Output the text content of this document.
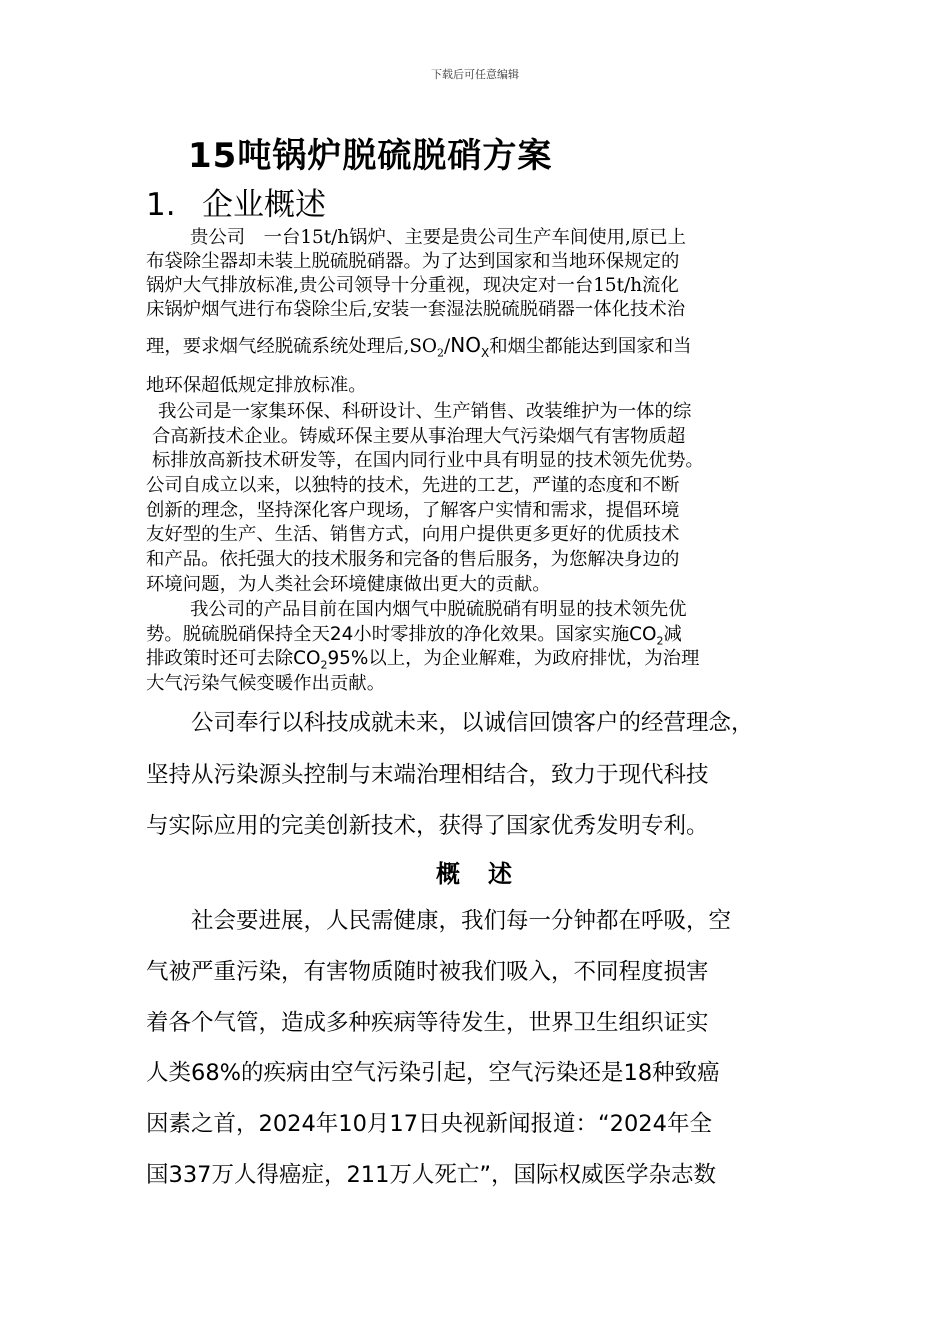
下载后可任意编辑
15吨锅炉脱硫脱硝方案
1. 企业概述
贵公司　一台15t/h锅炉、主要是贵公司生产车间使用,原已上
布袋除尘器却未装上脱硫脱硝器。为了达到国家和当地环保规定的
锅炉大气排放标准,贵公司领导十分重视，现决定对一台15t/h流化
床锅炉烟气进行布袋除尘后,安装一套湿法脱硫脱硝器一体化技术治
理，要求烟气经脱硫系统处理后$,SO_2/NO_X$和烟尘都能达到国家和当
地环保超低规定排放标准。
我公司是一家集环保、科研设计、生产销售、改装维护为一体的综
合高新技术企业。铸威环保主要从事治理大气污染烟气有害物质超
标排放高新技术研发等，在国内同行业中具有明显的技术领先优势。
公司自成立以来，以独特的技术，先进的工艺，严谨的态度和不断
创新的理念，坚持深化客户现场，了解客户实情和需求，提倡环境
友好型的生产、生活、销售方式，向用户提供更多更好的优质技术
和产品。依托强大的技术服务和完备的售后服务，为您解决身边的
环境问题，为人类社会环境健康做出更大的贡献。
我公司的产品目前在国内烟气中脱硫脱硝有明显的技术领先优
势。脱硫脱硝保持全天24小时零排放的净化效果。国家实施$CO_2$减
排政策时还可去除$CO_295\%$以上，为企业解难，为政府排忧，为治理
大气污染气候变暖作出贡献。
公司奉行以科技成就未来，以诚信回馈客户的经营理念，
坚持从污染源头控制与末端治理相结合，致力于现代科技
与实际应用的完美创新技术，获得了国家优秀发明专利。
概　述
社会要进展，人民需健康，我们每一分钟都在呼吸，空
气被严重污染，有害物质随时被我们吸入，不同程度损害
着各个气管，造成多种疾病等待发生，世界卫生组织证实
人类68%的疾病由空气污染引起，空气污染还是18种致癌
因素之首，2024年10月17日央视新闻报道：“2024年全
国337万人得癌症，211万人死亡”，国际权威医学杂志数
